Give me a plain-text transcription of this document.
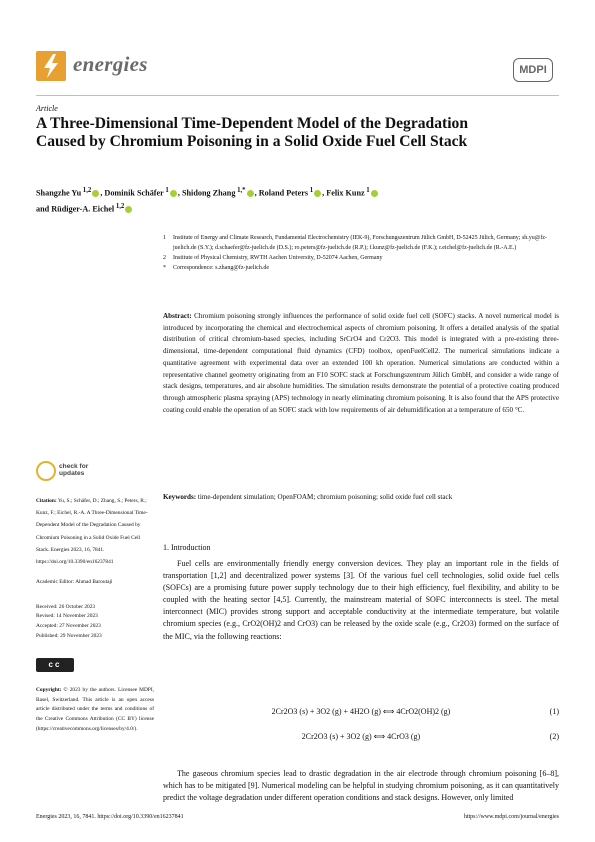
energies	MDPI
Article
A Three-Dimensional Time-Dependent Model of the Degradation Caused by Chromium Poisoning in a Solid Oxide Fuel Cell Stack
Shangzhe Yu  $^{1,2}$ , Dominik Schäfer  $^1$ , Shidong Zhang  $^{1,*}$ , Roland Peters  $^1$ , Felix Kunz  $^1$
and Rüdiger-A. Eichel  $^{1,2}$
1	Institute of Energy and Climate Research, Fundamental Electrochemistry (IEK-9), Forschungszentrum Jülich GmbH, D-52425 Jülich, Germany; sh.yu@fz-juelich.de (S.Y.); d.schaefer@fz-juelich.de (D.S.); ro.peters@fz-juelich.de (R.P.); f.kunz@fz-juelich.de (F.K.); r.eichel@fz-juelich.de (R.-A.E.)
2	Institute of Physical Chemistry, RWTH Aachen University, D-52074 Aachen, Germany
*	Correspondence: s.zhang@fz-juelich.de
Abstract: Chromium poisoning strongly influences the performance of solid oxide fuel cell (SOFC) stacks. A novel numerical model is introduced by incorporating the chemical and electrochemical aspects of chromium poisoning. It offers a detailed analysis of the spatial distribution of critical chromium-based species, including SrCrO4 and Cr2O3. This model is integrated with a pre-existing three-dimensional, time-dependent computational fluid dynamics (CFD) toolbox, openFuelCell2. The numerical simulations indicate a quantitative agreement with experimental data over an extended 100 kh operation. Numerical simulations are conducted within a representative channel geometry originating from an F10 SOFC stack at Forschungszentrum Jülich GmbH, and consider a wide range of stack designs, temperatures, and air absolute humidities. The simulation results demonstrate the potential of a protective coating produced through atmospheric plasma spraying (APS) technology in nearly eliminating chromium poisoning. It is also found that the APS protective coating could enable the operation of an SOFC stack with low requirements of air dehumidification at a temperature of 650 °C.
Keywords: time-dependent simulation; OpenFOAM; chromium poisoning; solid oxide fuel cell stack
check for
updates
Citation: Yu, S.; Schäfer, D.; Zhang, S.; Peters, R.; Kunz, F.; Eichel, R.-A. A Three-Dimensional Time-Dependent Model of the Degradation Caused by Chromium Poisoning in a Solid Oxide Fuel Cell Stack. Energies 2023, 16, 7841. https://doi.org/10.3390/en16237841
Academic Editor: Ahmad Baroutaji
Received: 26 October 2023
Revised: 14 November 2023
Accepted: 27 November 2023
Published: 29 November 2023
cc
Copyright: © 2023 by the authors. Licensee MDPI, Basel, Switzerland. This article is an open access article distributed under the terms and conditions of the Creative Commons Attribution (CC BY) license (https://creativecommons.org/licenses/by/4.0/).
1. Introduction

Fuel cells are environmentally friendly energy conversion devices. They play an important role in the fields of transportation [1,2] and decentralized power systems [3]. Of the various fuel cell technologies, solid oxide fuel cells (SOFCs) are a promising future power supply technology due to their high efficiency, fuel flexibility, and ability to be coupled with the heating sector [4,5]. Currently, the mainstream material of SOFC interconnects is steel. The metal interconnect (MIC) provides strong support and acceptable conductivity at the intermediate temperature, but volatile chromium species (e.g., CrO2(OH)2 and CrO3) can be released by the oxide scale (e.g., Cr2O3) formed on the surface of the MIC, via the following reactions:

2Cr2O3 (s) + 3O2 (g) + 4H2O (g) ⟺ 4CrO2(OH)2 (g)	(1)
2Cr2O3 (s) + 3O2 (g) ⟺ 4CrO3 (g)	(2)

The gaseous chromium species lead to drastic degradation in the air electrode through chromium poisoning [6–8], which has to be mitigated [9]. Numerical modeling can be helpful in studying chromium poisoning, as it can quantitatively predict the voltage degradation under different operation conditions and stack designs. However, only limited

Energies 2023, 16, 7841. https://doi.org/10.3390/en16237841	https://www.mdpi.com/journal/energies
